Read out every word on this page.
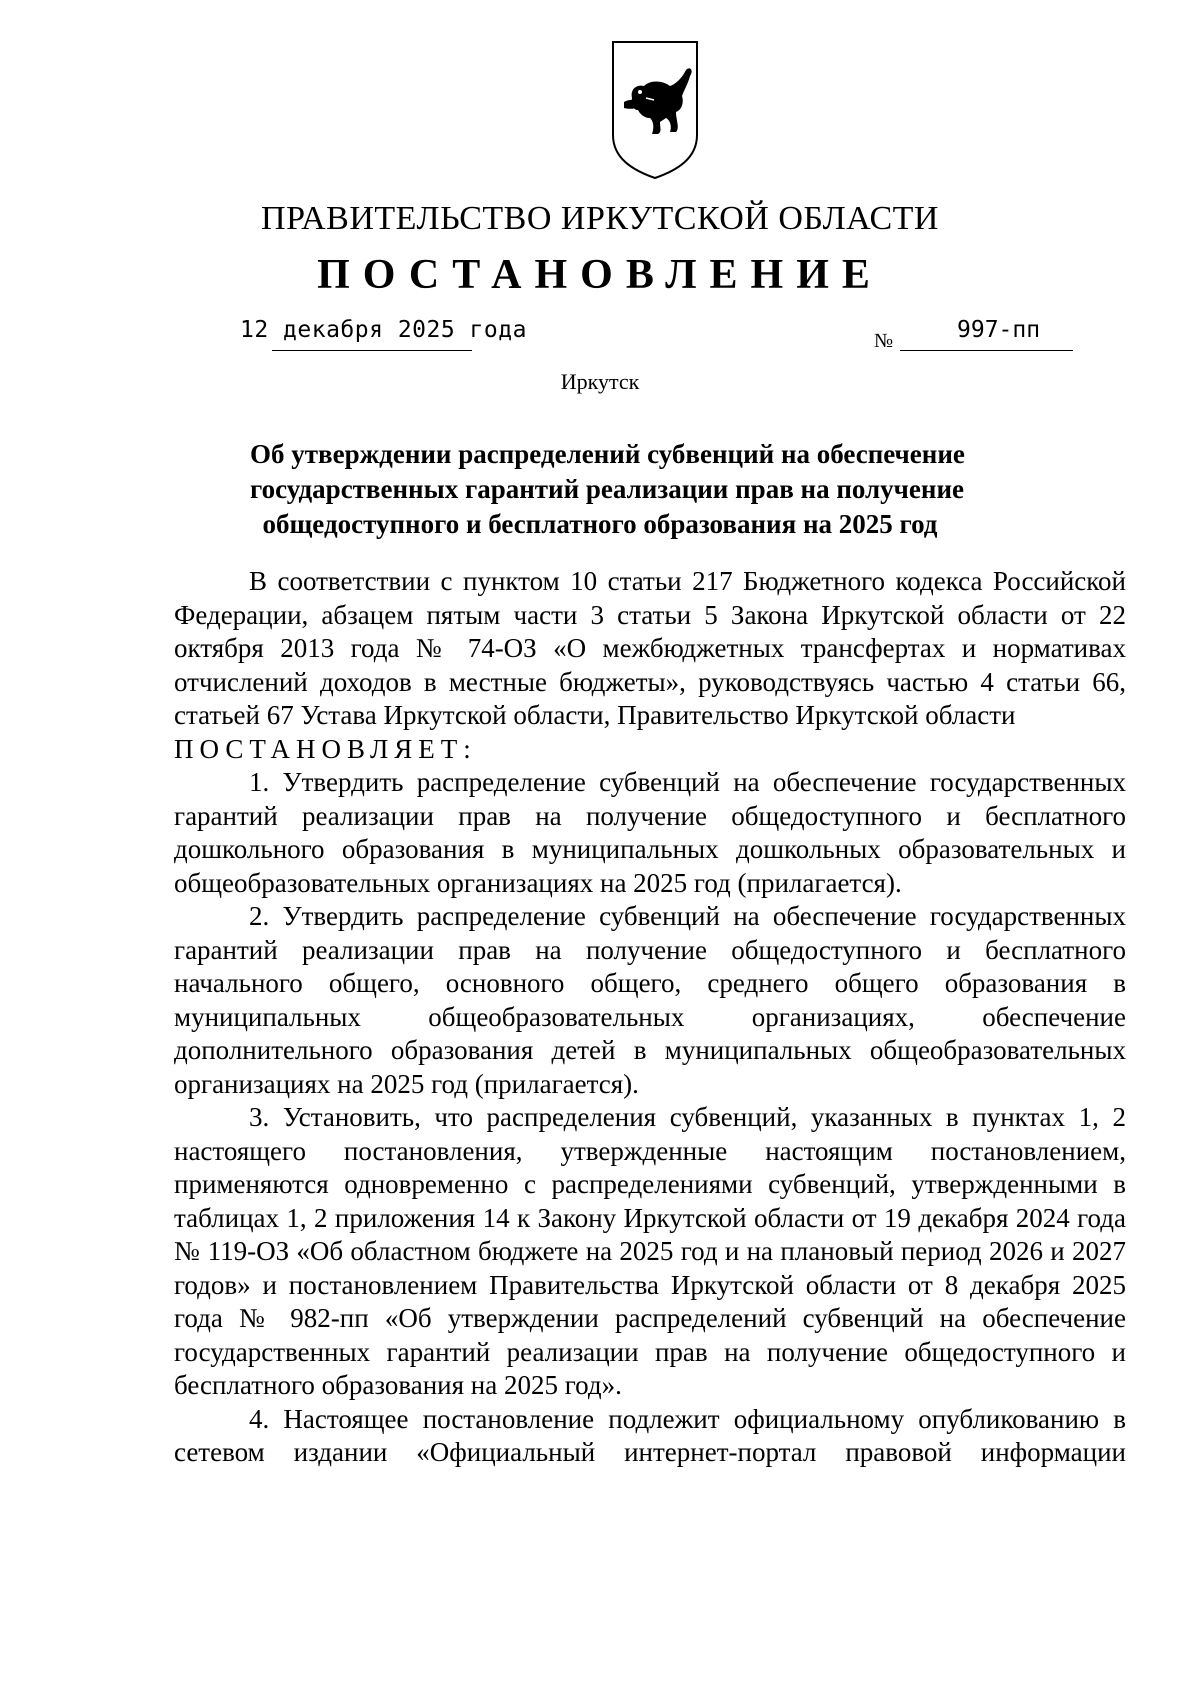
ПРАВИТЕЛЬСТВО ИРКУТСКОЙ ОБЛАСТИ
ПОСТАНОВЛЕНИЕ
12 декабря 2025 года	№	997-пп
Иркутск
Об утверждении распределений субвенций на обеспечение
государственных гарантий реализации прав на получение
общедоступного и бесплатного образования на 2025 год

В соответствии с пунктом 10 статьи 217 Бюджетного кодекса Российской Федерации, абзацем пятым части 3 статьи 5 Закона Иркутской области от 22 октября 2013 года № 74-ОЗ «О межбюджетных трансфертах и нормативах отчислений доходов в местные бюджеты», руководствуясь частью 4 статьи 66, статьей 67 Устава Иркутской области, Правительство Иркутской области

ПОСТАНОВЛЯЕТ:

1. Утвердить распределение субвенций на обеспечение государственных гарантий реализации прав на получение общедоступного и бесплатного дошкольного образования в муниципальных дошкольных образовательных и общеобразовательных организациях на 2025 год (прилагается).

2. Утвердить распределение субвенций на обеспечение государственных гарантий реализации прав на получение общедоступного и бесплатного начального общего, основного общего, среднего общего образования в муниципальных общеобразовательных организациях, обеспечение дополнительного образования детей в муниципальных общеобразовательных организациях на 2025 год (прилагается).

3. Установить, что распределения субвенций, указанных в пунктах 1, 2 настоящего постановления, утвержденные настоящим постановлением, применяются одновременно с распределениями субвенций, утвержденными в таблицах 1, 2 приложения 14 к Закону Иркутской области от 19 декабря 2024 года № 119-ОЗ «Об областном бюджете на 2025 год и на плановый период 2026 и 2027 годов» и постановлением Правительства Иркутской области от 8 декабря 2025 года № 982-пп «Об утверждении распределений субвенций на обеспечение государственных гарантий реализации прав на получение общедоступного и бесплатного образования на 2025 год».

4. Настоящее постановление подлежит официальному опубликованию в сетевом издании «Официальный интернет-портал правовой информации
